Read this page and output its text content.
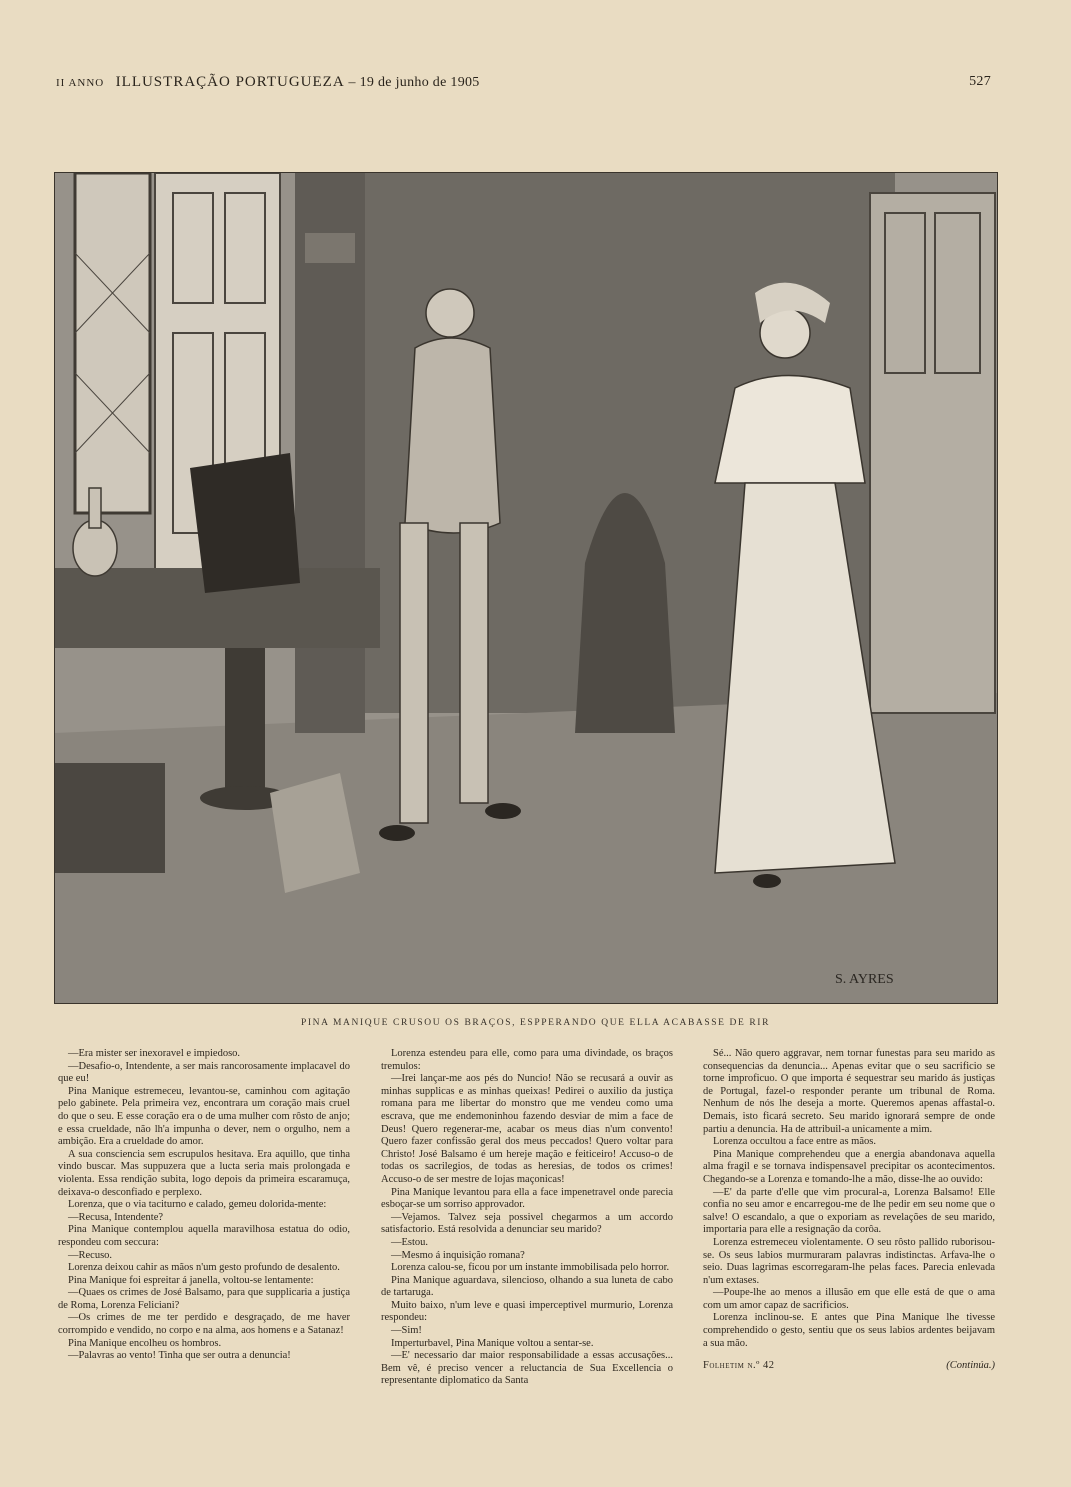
II ANNO ILLUSTRAÇÃO PORTUGUEZA – 19 de junho de 1905	527
S. AYRES
PINA MANIQUE CRUSOU OS BRAÇOS, ESPPERANDO QUE ELLA ACABASSE DE RIR

—Era mister ser inexoravel e impiedoso.

—Desafio-o, Intendente, a ser mais rancorosamente implacavel do que eu!

Pina Manique estremeceu, levantou-se, caminhou com agitação pelo gabinete. Pela primeira vez, encontrara um coração mais cruel do que o seu. E esse coração era o de uma mulher com rôsto de anjo; e essa crueldade, não lh'a impunha o dever, nem o orgulho, nem a ambição. Era a crueldade do amor.

A sua consciencia sem escrupulos hesitava. Era aquillo, que tinha vindo buscar. Mas suppuzera que a lucta seria mais prolongada e violenta. Essa rendição subita, logo depois da primeira escaramuça, deixava-o desconfiado e perplexo.

Lorenza, que o via taciturno e calado, gemeu dolorida-mente:

—Recusa, Intendente?

Pina Manique contemplou aquella maravilhosa estatua do odio, respondeu com seccura:

—Recuso.

Lorenza deixou cahir as mãos n'um gesto profundo de desalento.

Pina Manique foi espreitar á janella, voltou-se lentamente:

—Quaes os crimes de José Balsamo, para que supplicaria a justiça de Roma, Lorenza Feliciani?

—Os crimes de me ter perdido e desgraçado, de me haver corrompido e vendido, no corpo e na alma, aos homens e a Satanaz!

Pina Manique encolheu os hombros.

—Palavras ao vento! Tinha que ser outra a denuncia!

Lorenza estendeu para elle, como para uma divindade, os braços tremulos:

—Irei lançar-me aos pés do Nuncio! Não se recusará a ouvir as minhas supplicas e as minhas queixas! Pedirei o auxilio da justiça romana para me libertar do monstro que me vendeu como uma escrava, que me endemoninhou fazendo desviar de mim a face de Deus! Quero regenerar-me, acabar os meus dias n'um convento! Quero fazer confissão geral dos meus peccados! Quero voltar para Christo! José Balsamo é um hereje mação e feiticeiro! Accuso-o de todas os sacrilegios, de todas as heresias, de todos os crimes! Accuso-o de ser mestre de lojas maçonicas!

Pina Manique levantou para ella a face impenetravel onde parecia esboçar-se um sorriso approvador.

—Vejamos. Talvez seja possivel chegarmos a um accordo satisfactorio. Está resolvida a denunciar seu marido?

—Estou.

—Mesmo á inquisição romana?

Lorenza calou-se, ficou por um instante immobilisada pelo horror.

Pina Manique aguardava, silencioso, olhando a sua luneta de cabo de tartaruga.

Muito baixo, n'um leve e quasi imperceptivel murmurio, Lorenza respondeu:

—Sim!

Imperturbavel, Pina Manique voltou a sentar-se.

—E' necessario dar maior responsabilidade a essas accusações... Bem vê, é preciso vencer a reluctancia de Sua Excellencia o representante diplomatico da Santa

Sé... Não quero aggravar, nem tornar funestas para seu marido as consequencias da denuncia... Apenas evitar que o seu sacrificio se torne improficuo. O que importa é sequestrar seu marido ás justiças de Portugal, fazel-o responder perante um tribunal de Roma. Nenhum de nós lhe deseja a morte. Queremos apenas affastal-o. Demais, isto ficará secreto. Seu marido ignorará sempre de onde partiu a denuncia. Ha de attribuil-a unicamente a mim.

Lorenza occultou a face entre as mãos.

Pina Manique comprehendeu que a energia abandonava aquella alma fragil e se tornava indispensavel precipitar os acontecimentos. Chegando-se a Lorenza e tomando-lhe a mão, disse-lhe ao ouvido:

—E' da parte d'elle que vim procural-a, Lorenza Balsamo! Elle confia no seu amor e encarregou-me de lhe pedir em seu nome que o salve! O escandalo, a que o exporiam as revelações de seu marido, importaria para elle a resignação da corôa.

Lorenza estremeceu violentamente. O seu rôsto pallido ruborisou-se. Os seus labios murmuraram palavras indistinctas. Arfava-lhe o seio. Duas lagrimas escorregaram-lhe pelas faces. Parecia enlevada n'um extases.

—Poupe-lhe ao menos a illusão em que elle está de que o ama com um amor capaz de sacrificios.

Lorenza inclinou-se. E antes que Pina Manique lhe tivesse comprehendido o gesto, sentiu que os seus labios ardentes beijavam a sua mão.

Folhetim n.º 42	(Continúa.)
